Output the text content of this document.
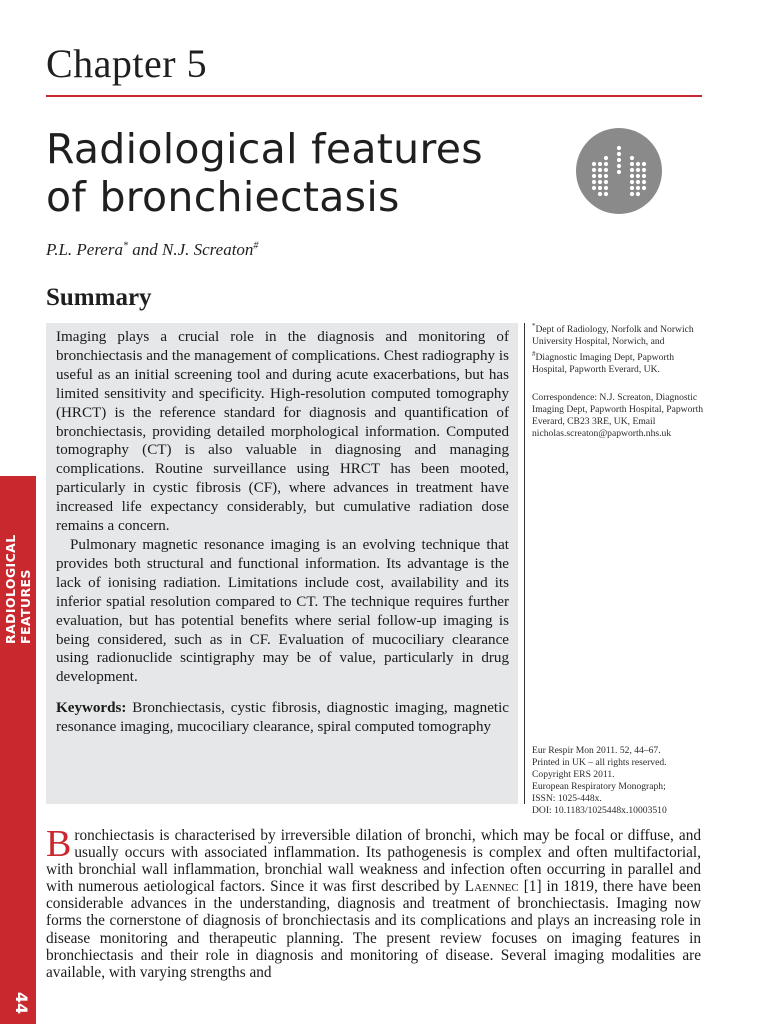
Chapter 5
Radiological features
of bronchiectasis
P.L. Perera* and N.J. Screaton#
Summary

Imaging plays a crucial role in the diagnosis and monitoring of bronchiectasis and the management of complications. Chest radiography is useful as an initial screening tool and during acute exacerbations, but has limited sensitivity and specificity. High-resolution computed tomography (HRCT) is the reference standard for diagnosis and quantification of bronchiectasis, providing detailed morphological information. Computed tomography (CT) is also valuable in diagnosing and managing complications. Routine surveillance using HRCT has been mooted, particularly in cystic fibrosis (CF), where advances in treatment have increased life expectancy considerably, but cumulative radiation dose remains a concern.

Pulmonary magnetic resonance imaging is an evolving technique that provides both structural and functional information. Its advantage is the lack of ionising radiation. Limitations include cost, availability and its inferior spatial resolution compared to CT. The technique requires further evaluation, but has potential benefits where serial follow-up imaging is being considered, such as in CF. Evaluation of mucociliary clearance using radionuclide scintigraphy may be of value, particularly in drug development.

Keywords: Bronchiectasis, cystic fibrosis, diagnostic imaging, magnetic resonance imaging, mucociliary clearance, spiral computed tomography

*Dept of Radiology, Norfolk and Norwich University Hospital, Norwich, and
#Diagnostic Imaging Dept, Papworth Hospital, Papworth Everard, UK.
Correspondence: N.J. Screaton, Diagnostic Imaging Dept, Papworth Hospital, Papworth Everard, CB23 3RE, UK, Email nicholas.screaton@papworth.nhs.uk
Eur Respir Mon 2011. 52, 44–67.
Printed in UK – all rights reserved.
Copyright ERS 2011.
European Respiratory Monograph;
ISSN: 1025-448x.
DOI: 10.1183/1025448x.10003510
RADIOLOGICAL FEATURES
44

Bronchiectasis is characterised by irreversible dilation of bronchi, which may be focal or diffuse, and usually occurs with associated inflammation. Its pathogenesis is complex and often multifactorial, with bronchial wall inflammation, bronchial wall weakness and infection often occurring in parallel and with numerous aetiological factors. Since it was first described by Laennec [1] in 1819, there have been considerable advances in the understanding, diagnosis and treatment of bronchiectasis. Imaging now forms the cornerstone of diagnosis of bronchiectasis and its complications and plays an increasing role in disease monitoring and therapeutic planning. The present review focuses on imaging features in bronchiectasis and their role in diagnosis and monitoring of disease. Several imaging modalities are available, with varying strengths and
